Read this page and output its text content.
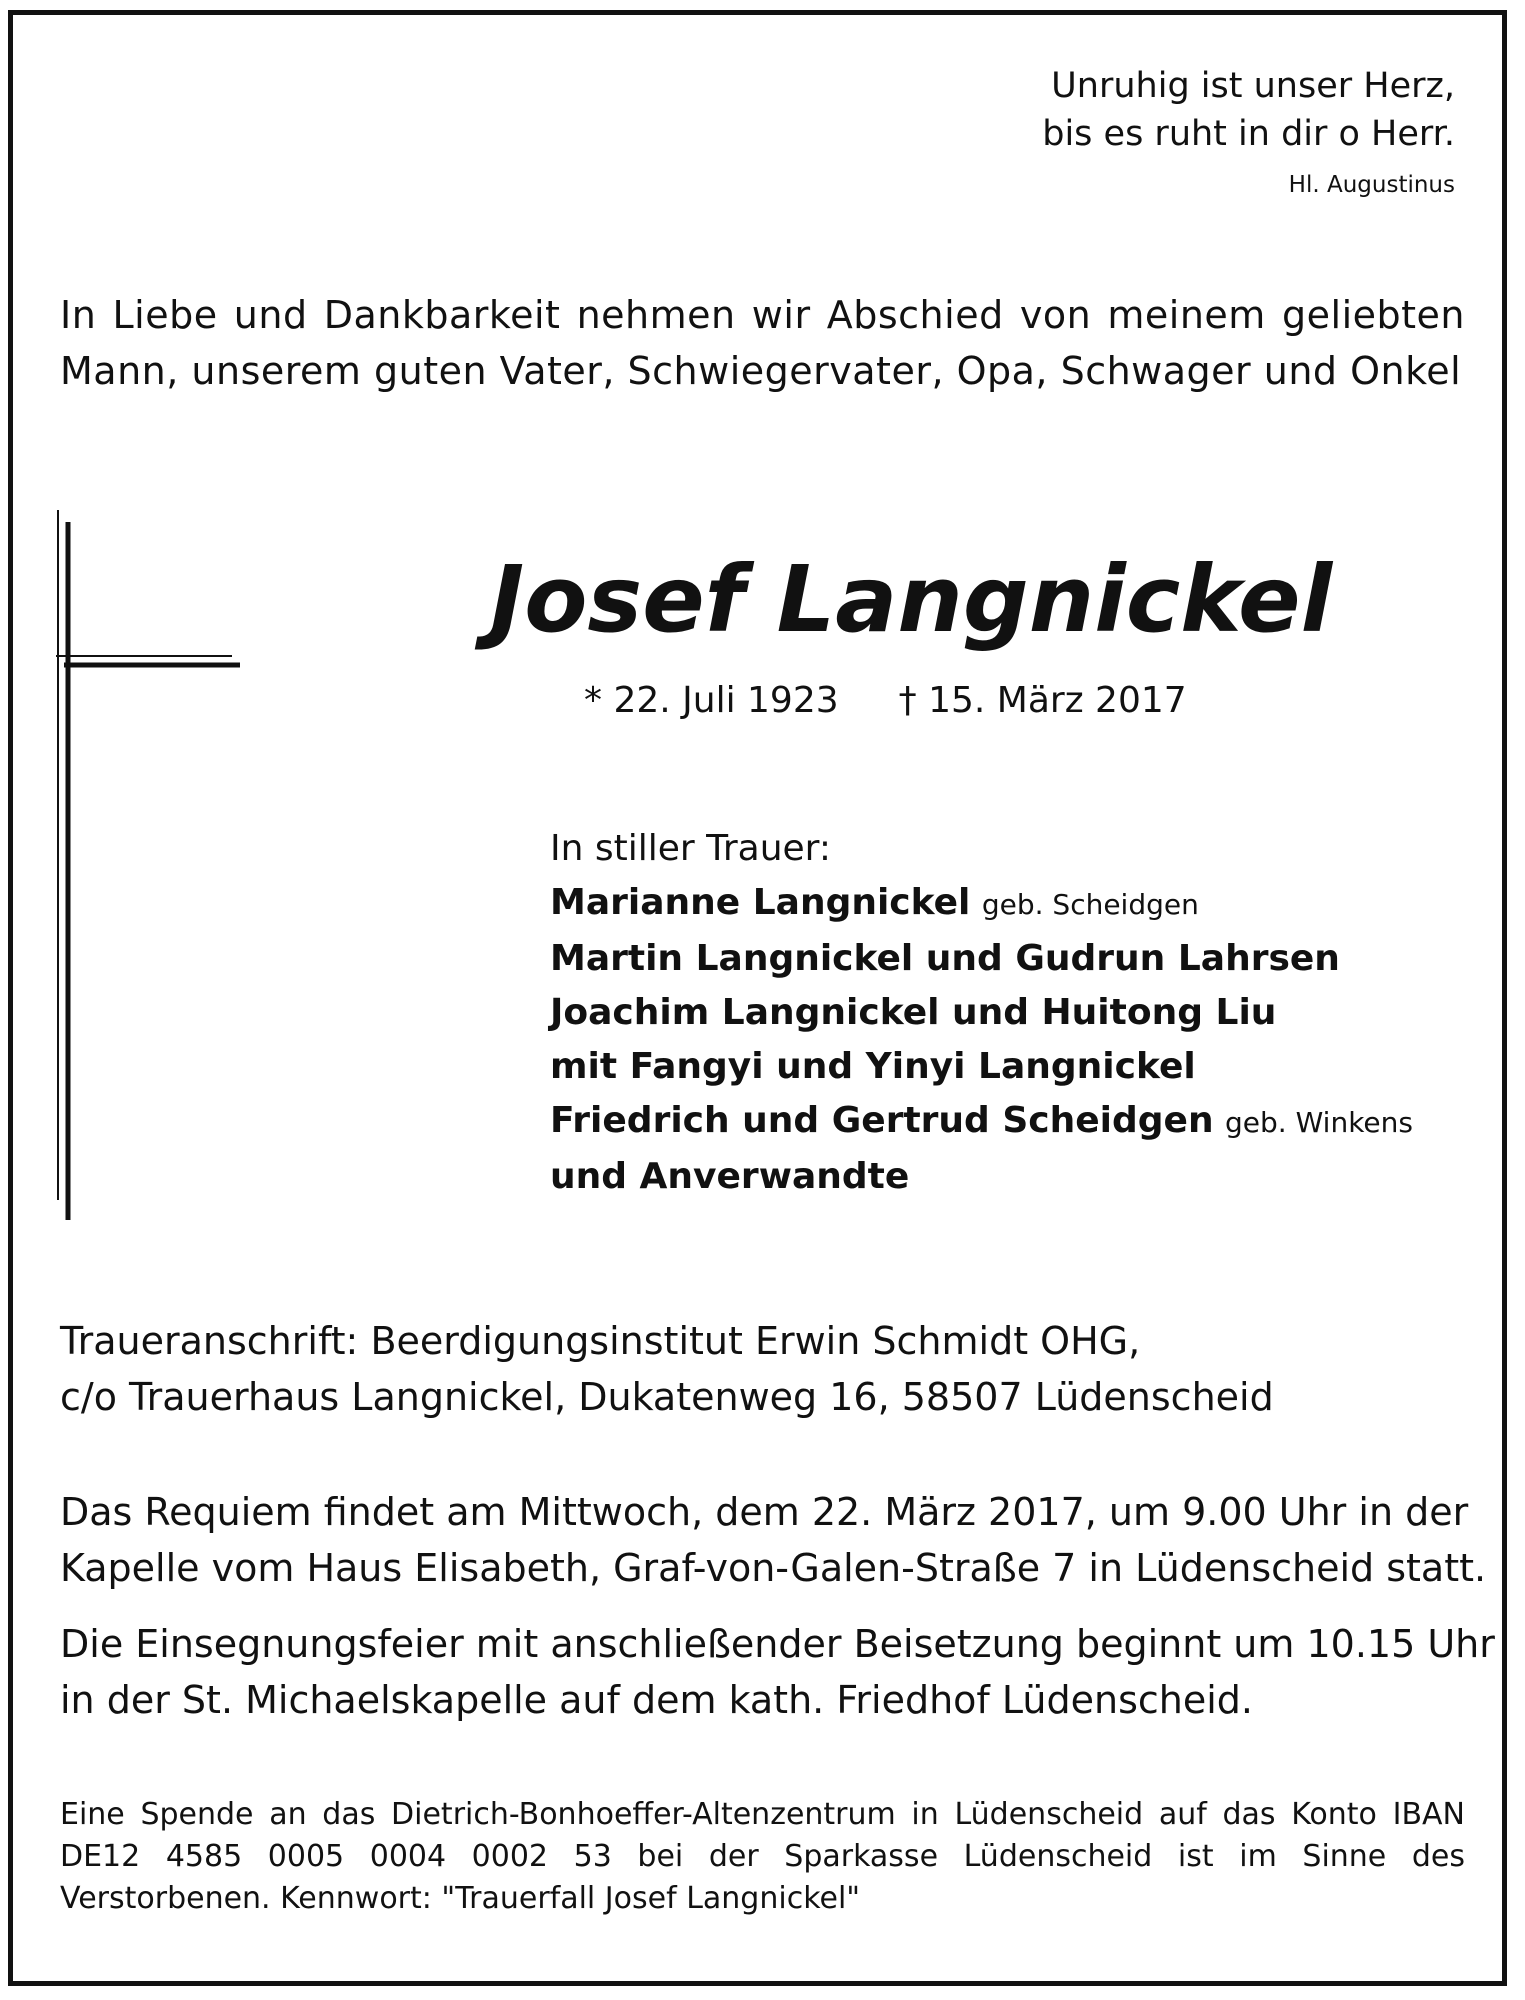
Unruhig ist unser Herz,
bis es ruht in dir o Herr.
Hl. Augustinus
In Liebe und Dankbarkeit nehmen wir Abschied von meinem geliebten Mann, unserem guten Vater, Schwiegervater, Opa, Schwager und Onkel
Josef Langnickel
* 22. Juli 1923 † 15. März 2017
In stiller Trauer:
Marianne Langnickel geb. Scheidgen
Martin Langnickel und Gudrun Lahrsen
Joachim Langnickel und Huitong Liu
mit Fangyi und Yinyi Langnickel
Friedrich und Gertrud Scheidgen geb. Winkens
und Anverwandte
Traueranschrift: Beerdigungsinstitut Erwin Schmidt OHG,
c/o Trauerhaus Langnickel, Dukatenweg 16, 58507 Lüdenscheid
Das Requiem findet am Mittwoch, dem 22. März 2017, um 9.00 Uhr in der
Kapelle vom Haus Elisabeth, Graf-von-Galen-Straße 7 in Lüdenscheid statt.
Die Einsegnungsfeier mit anschließender Beisetzung beginnt um 10.15 Uhr
in der St. Michaelskapelle auf dem kath. Friedhof Lüdenscheid.
Eine Spende an das Dietrich-Bonhoeffer-Altenzentrum in Lüdenscheid auf das Konto IBAN DE12 4585 0005 0004 0002 53 bei der Sparkasse Lüdenscheid ist im Sinne des Verstorbenen. Kennwort: "Trauerfall Josef Langnickel"
